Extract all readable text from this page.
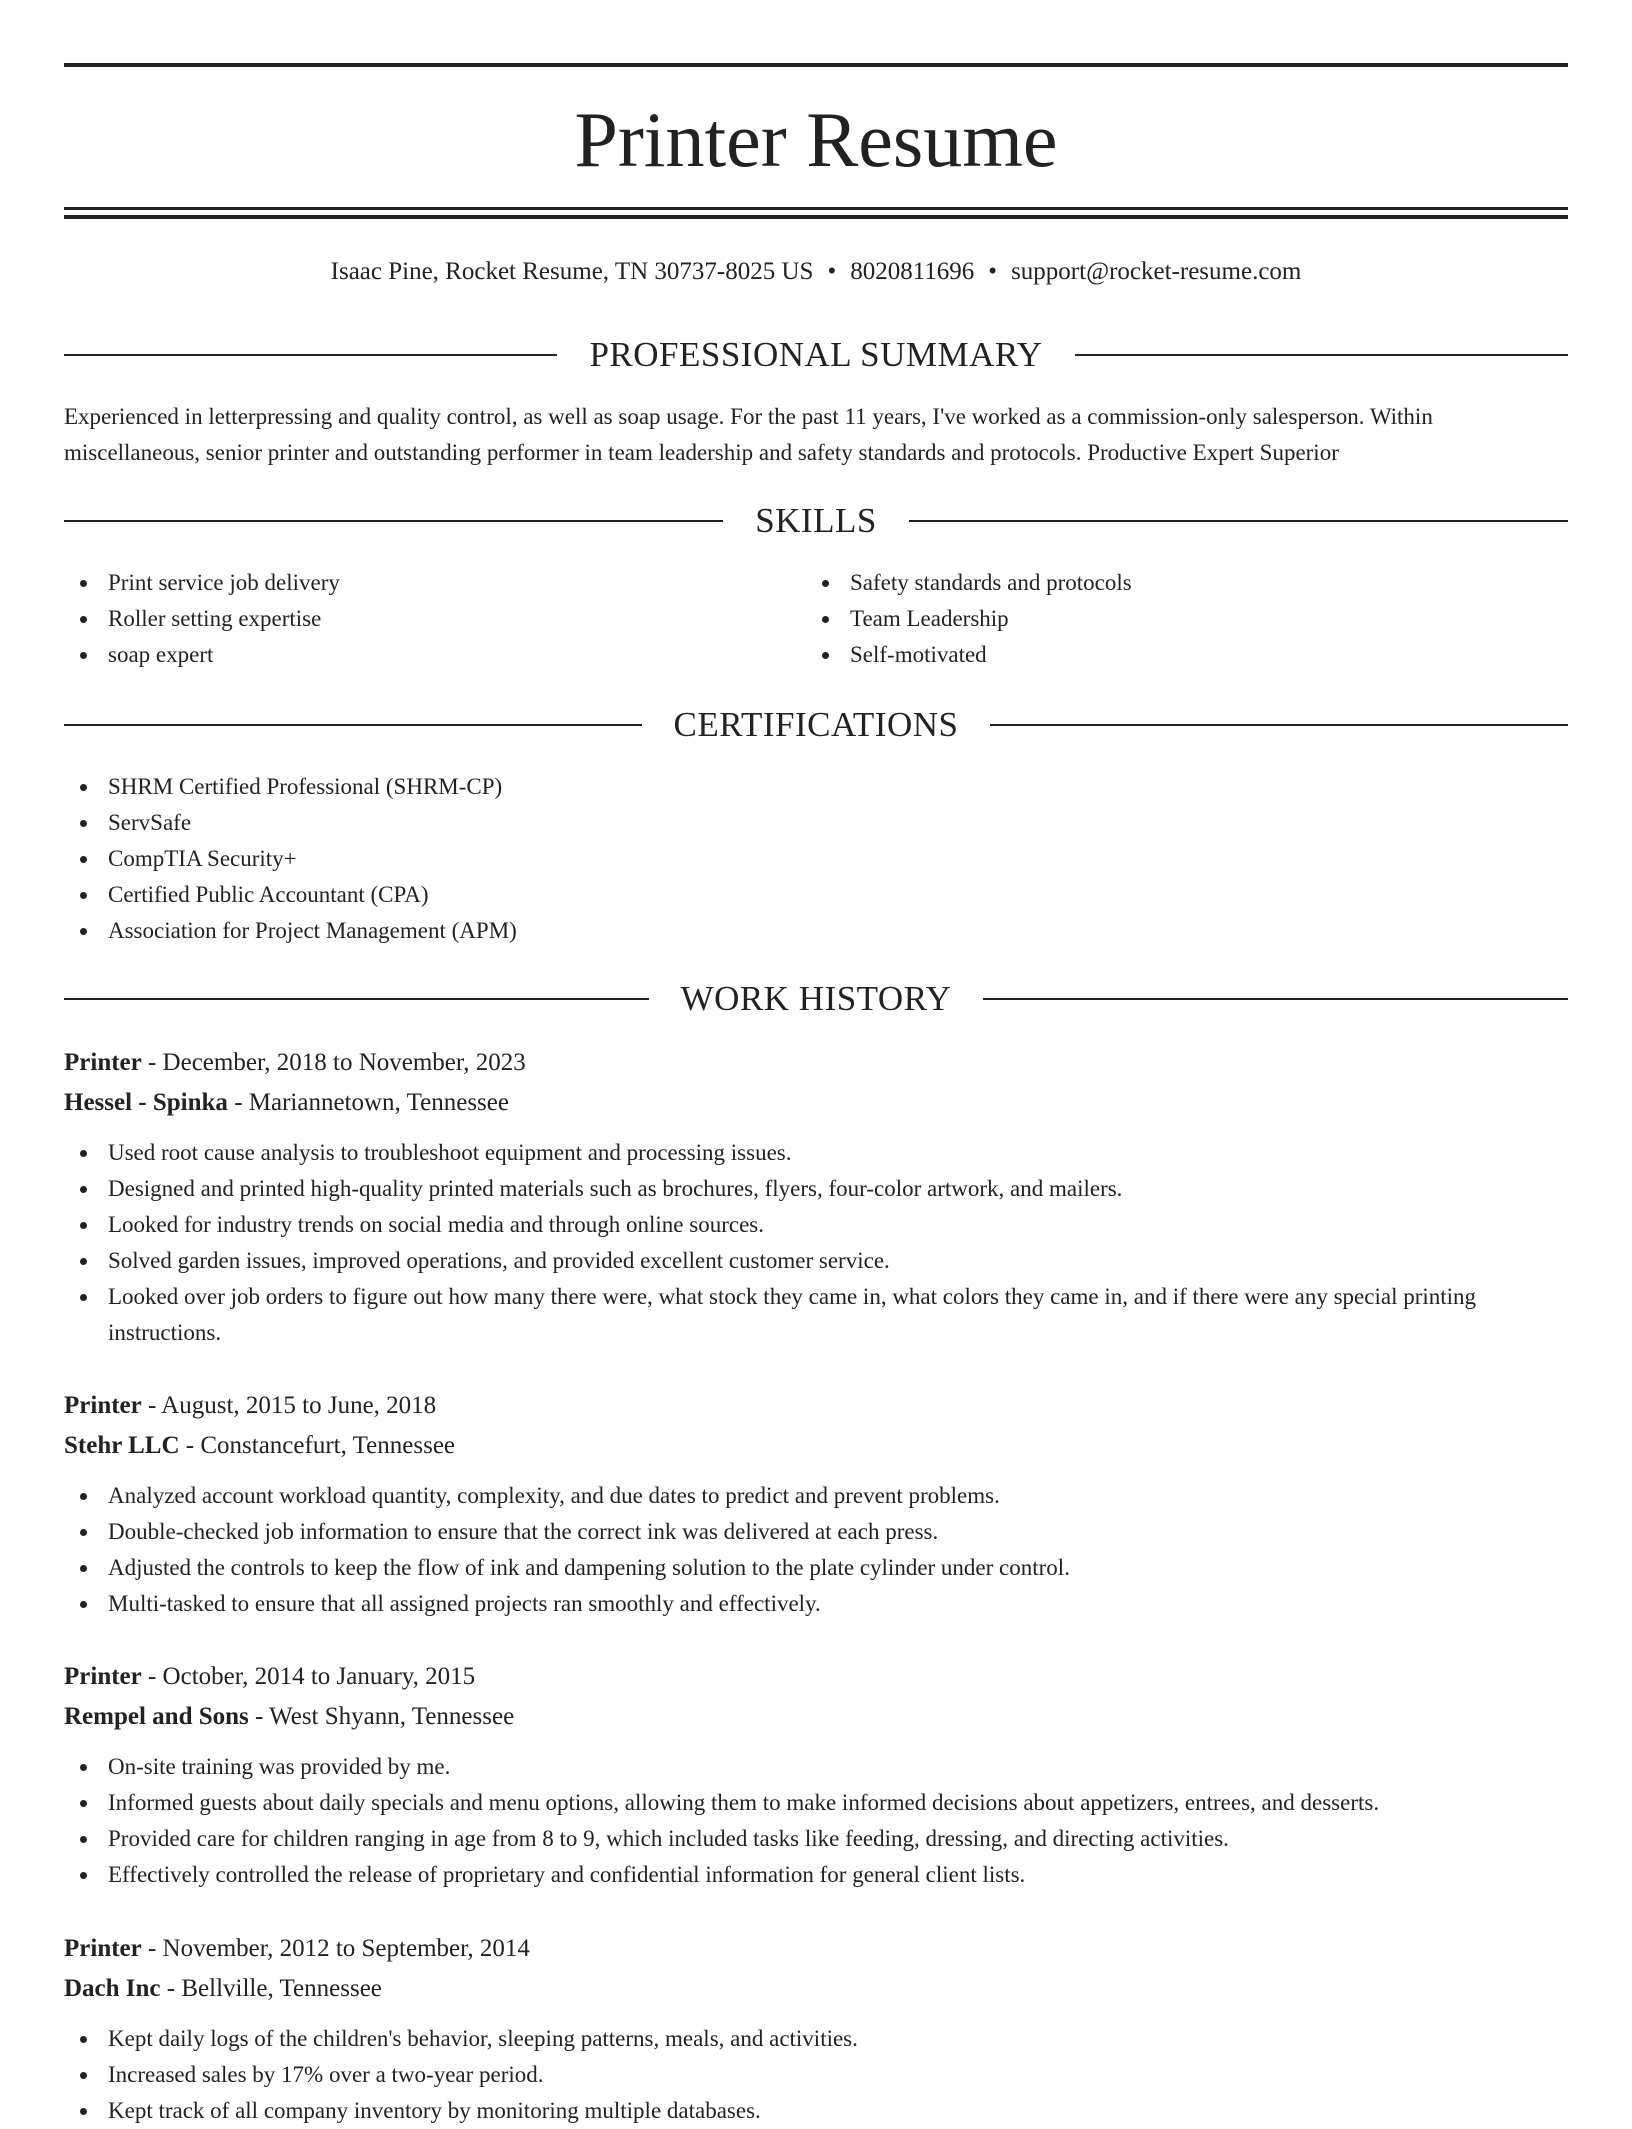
Printer Resume
Isaac Pine, Rocket Resume, TN 30737-8025 US • 8020811696 • support@rocket-resume.com
PROFESSIONAL SUMMARY
Experienced in letterpressing and quality control, as well as soap usage. For the past 11 years, I've worked as a commission-only salesperson. Within miscellaneous, senior printer and outstanding performer in team leadership and safety standards and protocols. Productive Expert Superior
SKILLS
Print service job delivery
Roller setting expertise
soap expert
Safety standards and protocols
Team Leadership
Self-motivated
CERTIFICATIONS
SHRM Certified Professional (SHRM-CP)
ServSafe
CompTIA Security+
Certified Public Accountant (CPA)
Association for Project Management (APM)
WORK HISTORY
Printer - December, 2018 to November, 2023
Hessel - Spinka - Mariannetown, Tennessee
Used root cause analysis to troubleshoot equipment and processing issues.
Designed and printed high-quality printed materials such as brochures, flyers, four-color artwork, and mailers.
Looked for industry trends on social media and through online sources.
Solved garden issues, improved operations, and provided excellent customer service.
Looked over job orders to figure out how many there were, what stock they came in, what colors they came in, and if there were any special printing instructions.
Printer - August, 2015 to June, 2018
Stehr LLC - Constancefurt, Tennessee
Analyzed account workload quantity, complexity, and due dates to predict and prevent problems.
Double-checked job information to ensure that the correct ink was delivered at each press.
Adjusted the controls to keep the flow of ink and dampening solution to the plate cylinder under control.
Multi-tasked to ensure that all assigned projects ran smoothly and effectively.
Printer - October, 2014 to January, 2015
Rempel and Sons - West Shyann, Tennessee
On-site training was provided by me.
Informed guests about daily specials and menu options, allowing them to make informed decisions about appetizers, entrees, and desserts.
Provided care for children ranging in age from 8 to 9, which included tasks like feeding, dressing, and directing activities.
Effectively controlled the release of proprietary and confidential information for general client lists.
Printer - November, 2012 to September, 2014
Dach Inc - Bellville, Tennessee
Kept daily logs of the children's behavior, sleeping patterns, meals, and activities.
Increased sales by 17% over a two-year period.
Kept track of all company inventory by monitoring multiple databases.
